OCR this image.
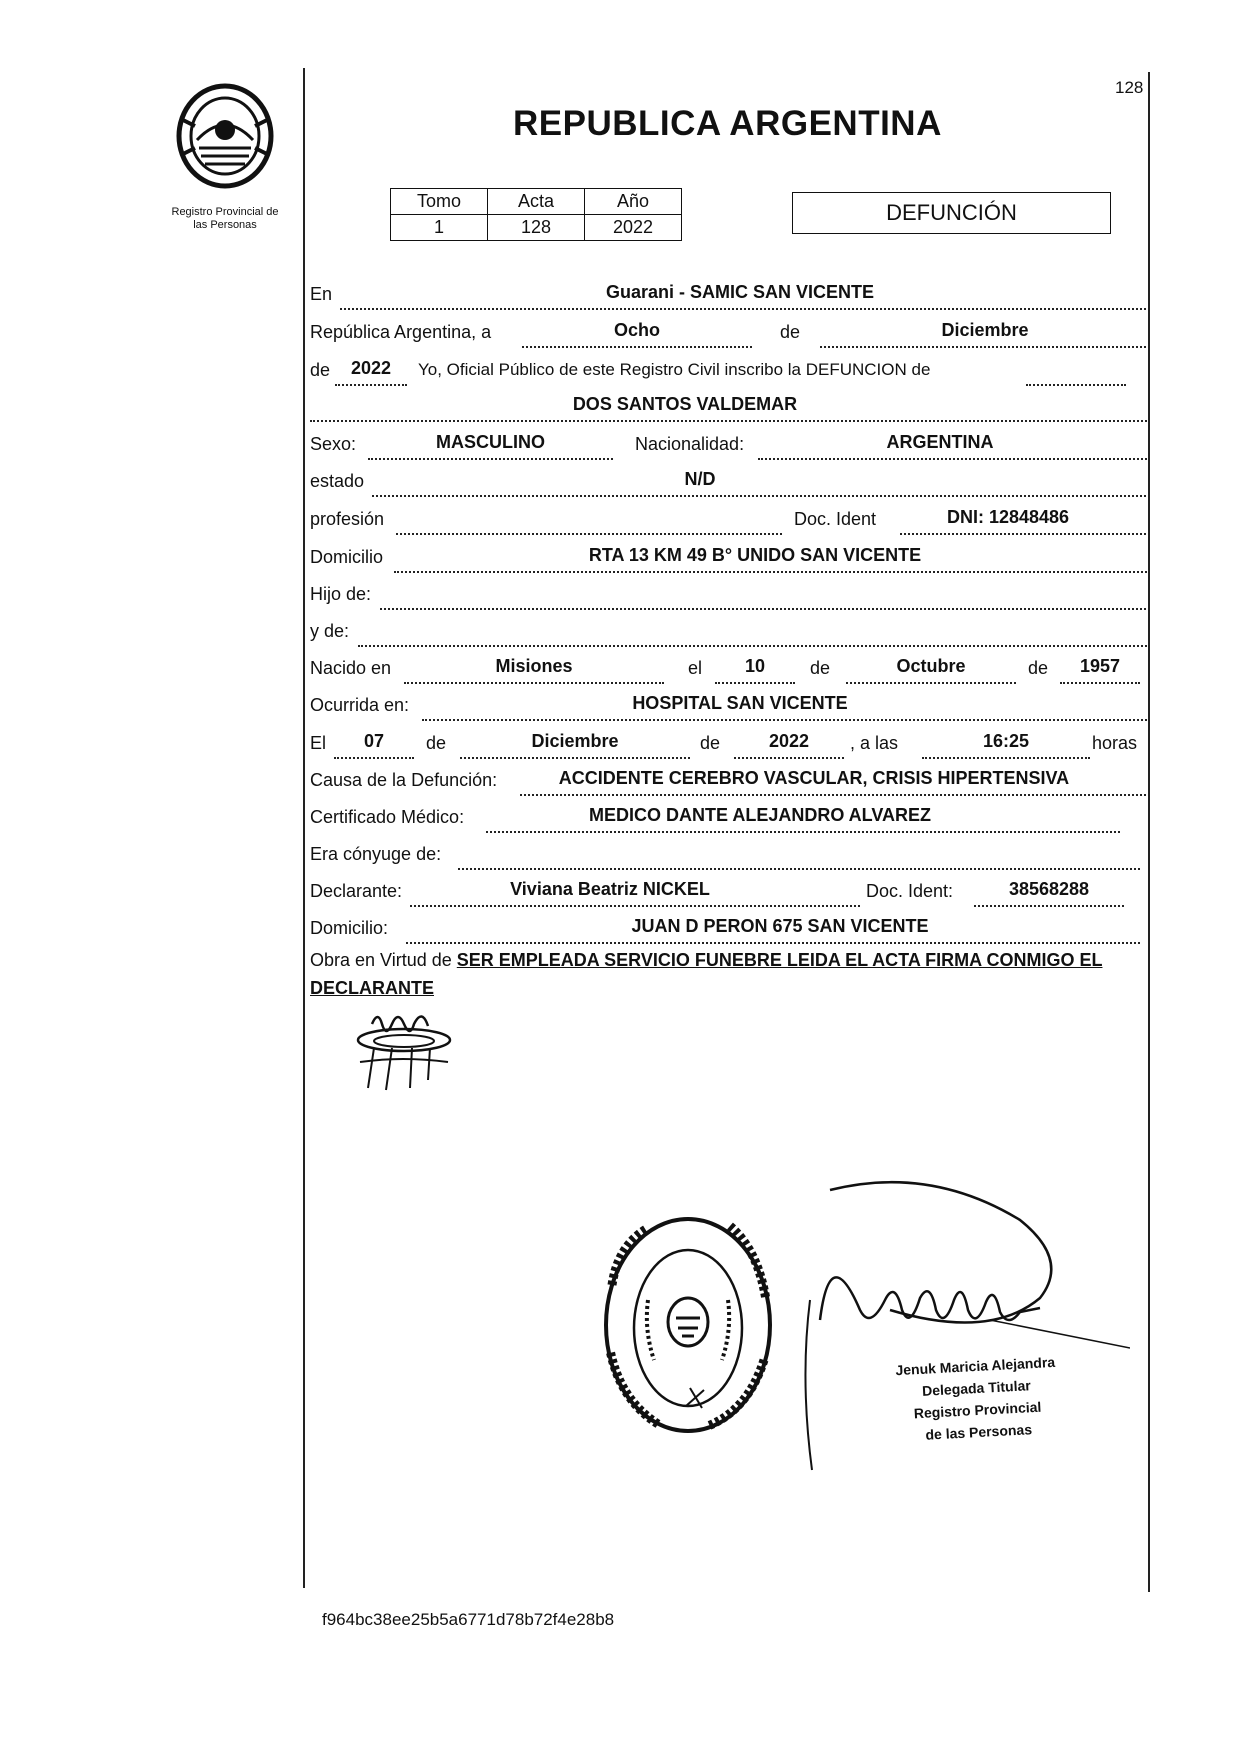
128
Registro Provincial de
las Personas
REPUBLICA ARGENTINA
Tomo	Acta	Año
1	128	2022
DEFUNCIÓN
En	Guarani - SAMIC SAN VICENTE
República Argentina, a	Ocho	de	Diciembre
de	2022	Yo, Oficial Público de este Registro Civil inscribo la DEFUNCION de
DOS SANTOS VALDEMAR
Sexo:	MASCULINO	Nacionalidad:	ARGENTINA
estado	N/D
profesión	Doc. Ident	DNI: 12848486
Domicilio	RTA 13 KM 49 B° UNIDO SAN VICENTE
Hijo de:
y de:
Nacido en	Misiones	el	10	de	Octubre	de	1957
Ocurrida en:	HOSPITAL SAN VICENTE
El	07	de	Diciembre	de	2022	, a las	16:25	horas
Causa de la Defunción:	ACCIDENTE CEREBRO VASCULAR, CRISIS HIPERTENSIVA
Certificado Médico:	MEDICO DANTE ALEJANDRO ALVAREZ
Era cónyuge de:
Declarante:	Viviana Beatriz NICKEL	Doc. Ident:	38568288
Domicilio:	JUAN D PERON 675 SAN VICENTE
Obra en Virtud de SER EMPLEADA SERVICIO FUNEBRE LEIDA EL ACTA FIRMA CONMIGO EL DECLARANTE
Jenuk Maricia Alejandra
Delegada Titular
Registro Provincial
de las Personas
f964bc38ee25b5a6771d78b72f4e28b8
